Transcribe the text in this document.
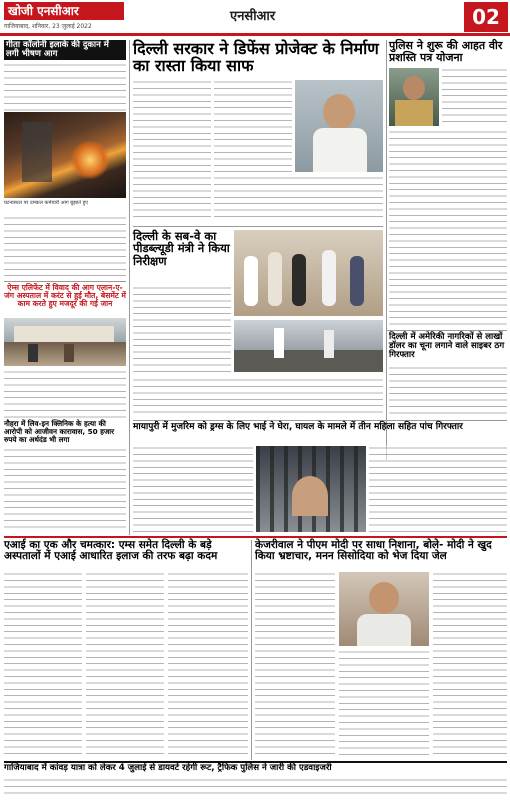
खोजी एनसीआर
गाजियाबाद, शनिवार, 23 जुलाई 2022
एनसीआर	02
गीता कॉलोनी इलाके की दुकान में लगी भीषण आग
घटनास्थल पर दमकल कर्मचारी आग बुझाते हुए
ऐम्स एलिफेंट में विवाद की आग एलान-ए-जंग अस्पताल में करंट से हुई मौत, बेसमेंट में काम करते हुए मजदूर की गई जान
नौहरा में लिव-इन क्लिनिक के हत्या की आरोपी को आजीवन कारावास, 50 हजार रुपये का अर्थदंड भी लगा
दिल्ली सरकार ने डिफेंस प्रोजेक्ट के निर्माण का रास्ता किया साफ
दिल्ली के सब-वे का पीडब्ल्यूडी मंत्री ने किया निरीक्षण
पुलिस ने शुरू की आहत वीर प्रशस्ति पत्र योजना
दिल्ली में अमेरिकी नागरिकों से लाखों डॉलर का चूना लगाने वाले साइबर ठग गिरफ्तार
मायापुरी में मुजरिम को ड्रग्स के लिए भाई ने घेरा, घायल के मामले में तीन महिला सहित पांच गिरफ्तार
एआई का एक और चमत्कार: एम्स समेत दिल्ली के बड़े अस्पतालों में एआई आधारित इलाज की तरफ बढ़ा कदम
केजरीवाल ने पीएम मोदी पर साधा निशाना, बोले- मोदी ने खुद किया भ्रष्टाचार, मनन सिसोदिया को भेज दिया जेल
गाजियाबाद में कांवड़ यात्रा को लेकर 4 जुलाई से डायवर्ट रहेगी रूट, ट्रैफिक पुलिस ने जारी की एडवाइजरी
